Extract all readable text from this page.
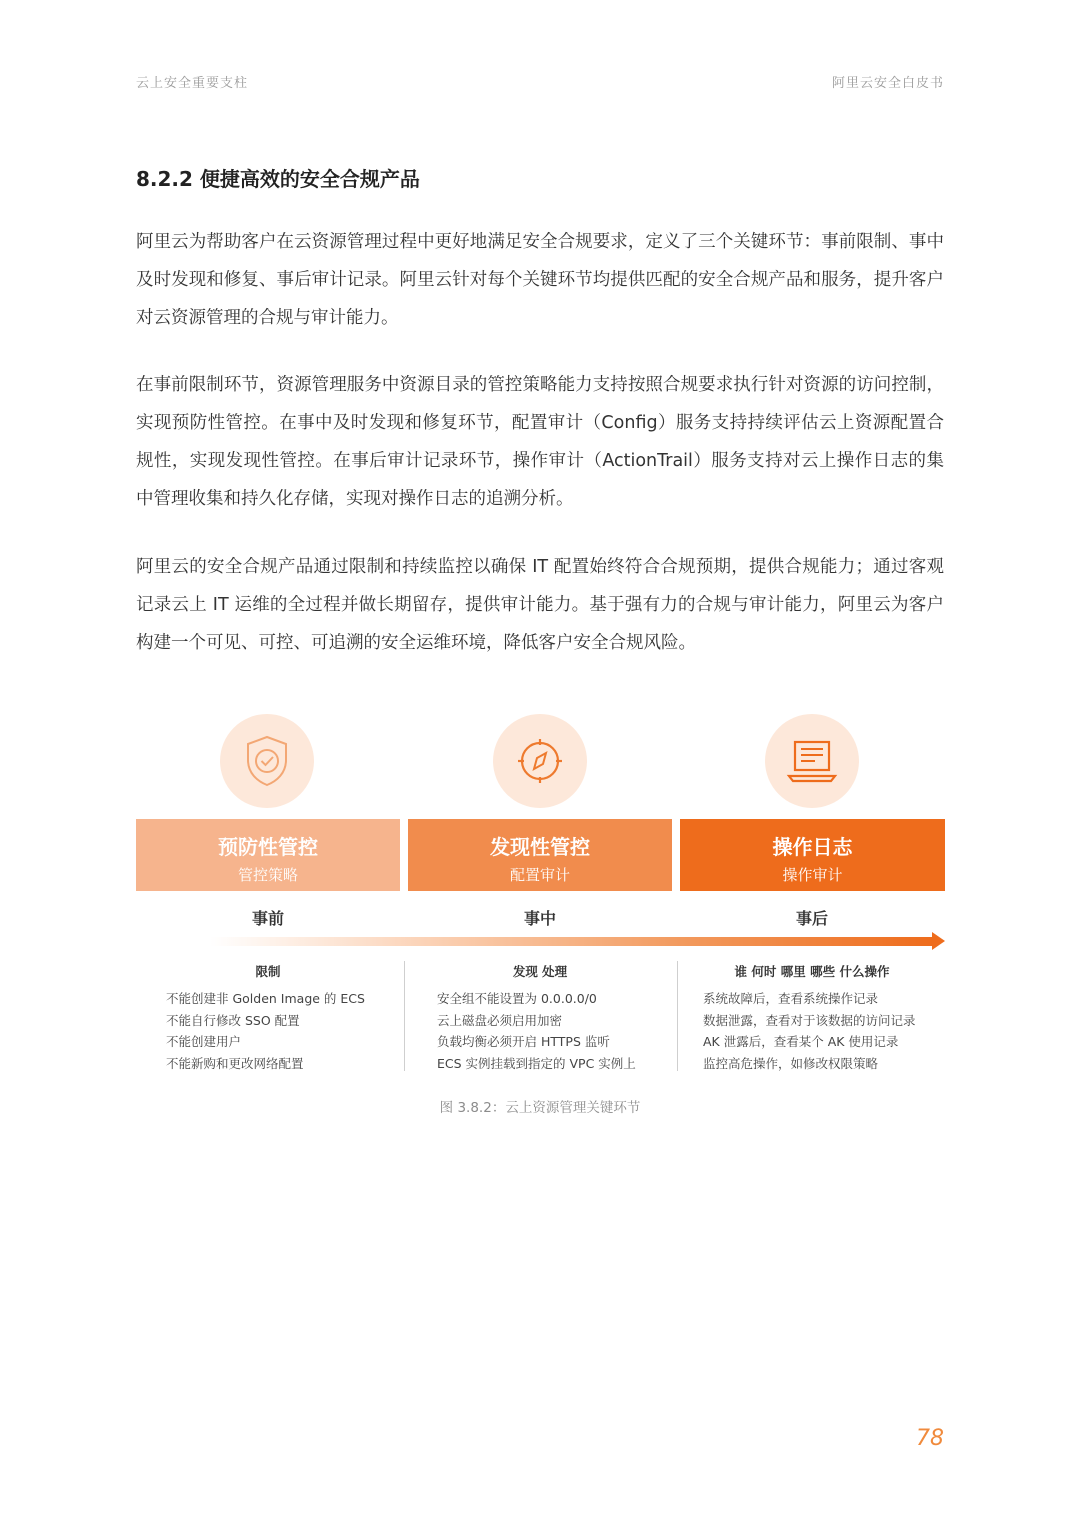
云上安全重要支柱	阿里云安全白皮书
8.2.2 便捷高效的安全合规产品

阿里云为帮助客户在云资源管理过程中更好地满足安全合规要求，定义了三个关键环节：事前限制、事中及时发现和修复、事后审计记录。阿里云针对每个关键环节均提供匹配的安全合规产品和服务，提升客户对云资源管理的合规与审计能力。

在事前限制环节，资源管理服务中资源目录的管控策略能力支持按照合规要求执行针对资源的访问控制，实现预防性管控。在事中及时发现和修复环节，配置审计（Config）服务支持持续评估云上资源配置合规性，实现发现性管控。在事后审计记录环节，操作审计（ActionTrail）服务支持对云上操作日志的集中管理收集和持久化存储，实现对操作日志的追溯分析。

阿里云的安全合规产品通过限制和持续监控以确保 IT 配置始终符合合规预期，提供合规能力；通过客观记录云上 IT 运维的全过程并做长期留存，提供审计能力。基于强有力的合规与审计能力，阿里云为客户构建一个可见、可控、可追溯的安全运维环境，降低客户安全合规风险。

预防性管控
管控策略
发现性管控
配置审计
操作日志
操作审计
事前	事中	事后
限制	发现 处理	谁 何时 哪里 哪些 什么操作
不能创建非 Golden Image 的 ECS
不能自行修改 SSO 配置
不能创建用户
不能新购和更改网络配置
安全组不能设置为 0.0.0.0/0
云上磁盘必须启用加密
负载均衡必须开启 HTTPS 监听
ECS 实例挂载到指定的 VPC 实例上
系统故障后，查看系统操作记录
数据泄露，查看对于该数据的访问记录
AK 泄露后，查看某个 AK 使用记录
监控高危操作，如修改权限策略
图 3.8.2：云上资源管理关键环节
78
